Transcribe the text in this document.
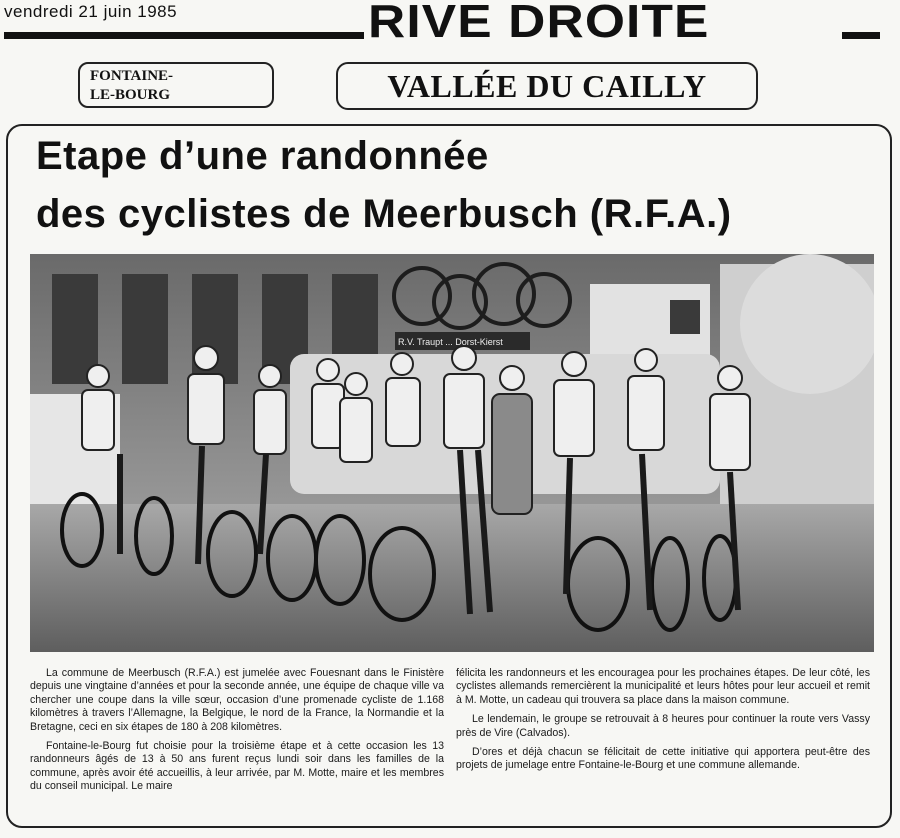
vendredi 21 juin 1985	RIVE DROITE
FONTAINE-
LE-BOURG	VALLÉE DU CAILLY
Etape d’une randonnée
des cyclistes de Meerbusch (R.F.A.)
R.V. Traupt ... Dorst-Kierst

La commune de Meerbusch (R.F.A.) est jumelée avec Fouesnant dans le Finistère depuis une vingtaine d’années et pour la seconde année, une équipe de chaque ville va chercher une coupe dans la ville sœur, occasion d’une promenade cycliste de 1.168 kilomètres à travers l’Allemagne, la Belgique, le nord de la France, la Normandie et la Bretagne, ceci en six étapes de 180 à 208 kilomètres.

Fontaine-le-Bourg fut choisie pour la troisième étape et à cette occasion les 13 randonneurs âgés de 13 à 50 ans furent reçus lundi soir dans les familles de la commune, après avoir été accueillis, à leur arrivée, par M. Motte, maire et les membres du conseil municipal. Le maire

félicita les randonneurs et les encouragea pour les prochaines étapes. De leur côté, les cyclistes allemands remercièrent la municipalité et leurs hôtes pour leur accueil et remit à M. Motte, un cadeau qui trouvera sa place dans la maison commune.

Le lendemain, le groupe se retrouvait à 8 heures pour continuer la route vers Vassy près de Vire (Calvados).

D’ores et déjà chacun se félicitait de cette initiative qui apportera peut-être des projets de jumelage entre Fontaine-le-Bourg et une commune allemande.
